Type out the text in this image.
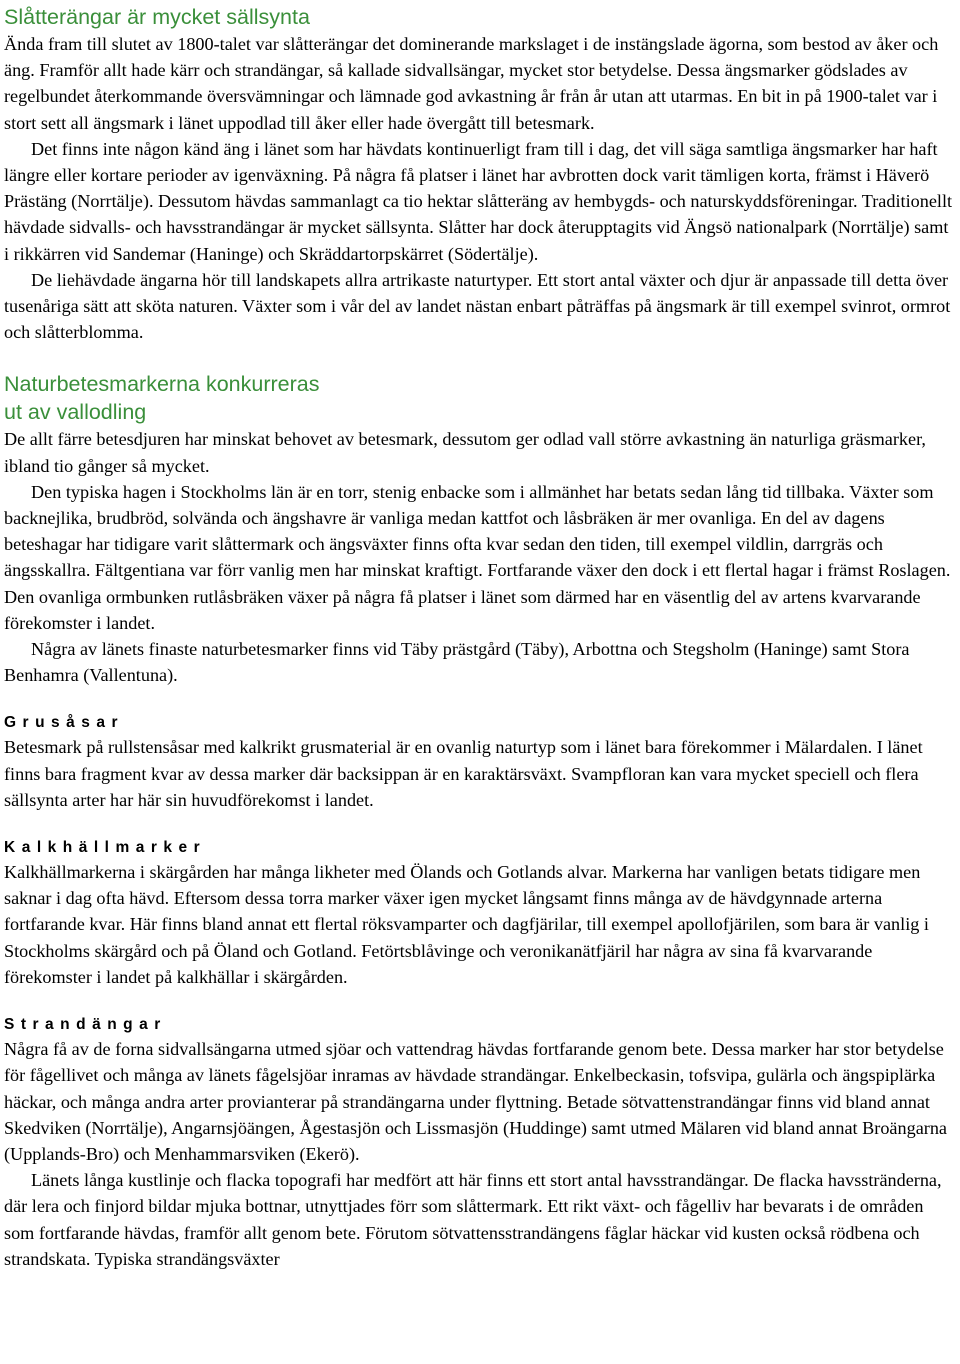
Slåtterängar är mycket sällsynta

Ända fram till slutet av 1800-talet var slåtterängar det dominerande markslaget i de instängslade ägorna, som bestod av åker och äng. Framför allt hade kärr och strandängar, så kallade sidvallsängar, mycket stor betydelse. Dessa ängsmarker gödslades av regelbundet återkommande översvämningar och lämnade god avkastning år från år utan att utarmas. En bit in på 1900-talet var i stort sett all ängsmark i länet uppodlad till åker eller hade övergått till betesmark.

Det finns inte någon känd äng i länet som har hävdats kontinuerligt fram till i dag, det vill säga samtliga ängsmarker har haft längre eller kortare perioder av igenväxning. På några få platser i länet har avbrotten dock varit tämligen korta, främst i Häverö Prästäng (Norrtälje). Dessutom hävdas sammanlagt ca tio hektar slåtteräng av hembygds- och naturskyddsföreningar. Traditionellt hävdade sidvalls- och havsstrandängar är mycket sällsynta. Slåtter har dock återupptagits vid Ängsö nationalpark (Norrtälje) samt i rikkärren vid Sandemar (Haninge) och Skräddartorpskärret (Södertälje).

De liehävdade ängarna hör till landskapets allra artrikaste naturtyper. Ett stort antal växter och djur är anpassade till detta över tusenåriga sätt att sköta naturen. Växter som i vår del av landet nästan enbart påträffas på ängsmark är till exempel svinrot, ormrot och slåtterblomma.

Naturbetesmarkerna konkurreras
ut av vallodling

De allt färre betesdjuren har minskat behovet av betesmark, dessutom ger odlad vall större avkastning än naturliga gräsmarker, ibland tio gånger så mycket.

Den typiska hagen i Stockholms län är en torr, stenig enbacke som i allmänhet har betats sedan lång tid tillbaka. Växter som backnejlika, brudbröd, solvända och ängshavre är vanliga medan kattfot och låsbräken är mer ovanliga. En del av dagens beteshagar har tidigare varit slåttermark och ängsväxter finns ofta kvar sedan den tiden, till exempel vildlin, darrgräs och ängsskallra. Fältgentiana var förr vanlig men har minskat kraftigt. Fortfarande växer den dock i ett flertal hagar i främst Roslagen. Den ovanliga ormbunken rutlåsbräken växer på några få platser i länet som därmed har en väsentlig del av artens kvarvarande förekomster i landet.

Några av länets finaste naturbetesmarker finns vid Täby prästgård (Täby), Arbottna och Stegsholm (Haninge) samt Stora Benhamra (Vallentuna).

Grusåsar

Betesmark på rullstensåsar med kalkrikt grusmaterial är en ovanlig naturtyp som i länet bara förekommer i Mälardalen. I länet finns bara fragment kvar av dessa marker där backsippan är en karaktärsväxt. Svampfloran kan vara mycket speciell och flera sällsynta arter har här sin huvudförekomst i landet.

Kalkhällmarker

Kalkhällmarkerna i skärgården har många likheter med Ölands och Gotlands alvar. Markerna har vanligen betats tidigare men saknar i dag ofta hävd. Eftersom dessa torra marker växer igen mycket långsamt finns många av de hävdgynnade arterna fortfarande kvar. Här finns bland annat ett flertal röksvamparter och dagfjärilar, till exempel apollofjärilen, som bara är vanlig i Stockholms skärgård och på Öland och Gotland. Fetörtsblåvinge och veronikanätfjäril har några av sina få kvarvarande förekomster i landet på kalkhällar i skärgården.

Strandängar

Några få av de forna sidvallsängarna utmed sjöar och vattendrag hävdas fortfarande genom bete. Dessa marker har stor betydelse för fågellivet och många av länets fågelsjöar inramas av hävdade strandängar. Enkelbeckasin, tofsvipa, gulärla och ängspiplärka häckar, och många andra arter provianterar på strandängarna under flyttning. Betade sötvattenstrandängar finns vid bland annat Skedviken (Norrtälje), Angarnsjöängen, Ågestasjön och Lissmasjön (Huddinge) samt utmed Mälaren vid bland annat Broängarna (Upplands-Bro) och Menhammarsviken (Ekerö).

Länets långa kustlinje och flacka topografi har medfört att här finns ett stort antal havsstrandängar. De flacka havsstränderna, där lera och finjord bildar mjuka bottnar, utnyttjades förr som slåttermark. Ett rikt växt- och fågelliv har bevarats i de områden som fortfarande hävdas, framför allt genom bete. Förutom sötvattensstrandängens fåglar häckar vid kusten också rödbena och strandskata. Typiska strandängsväxter
